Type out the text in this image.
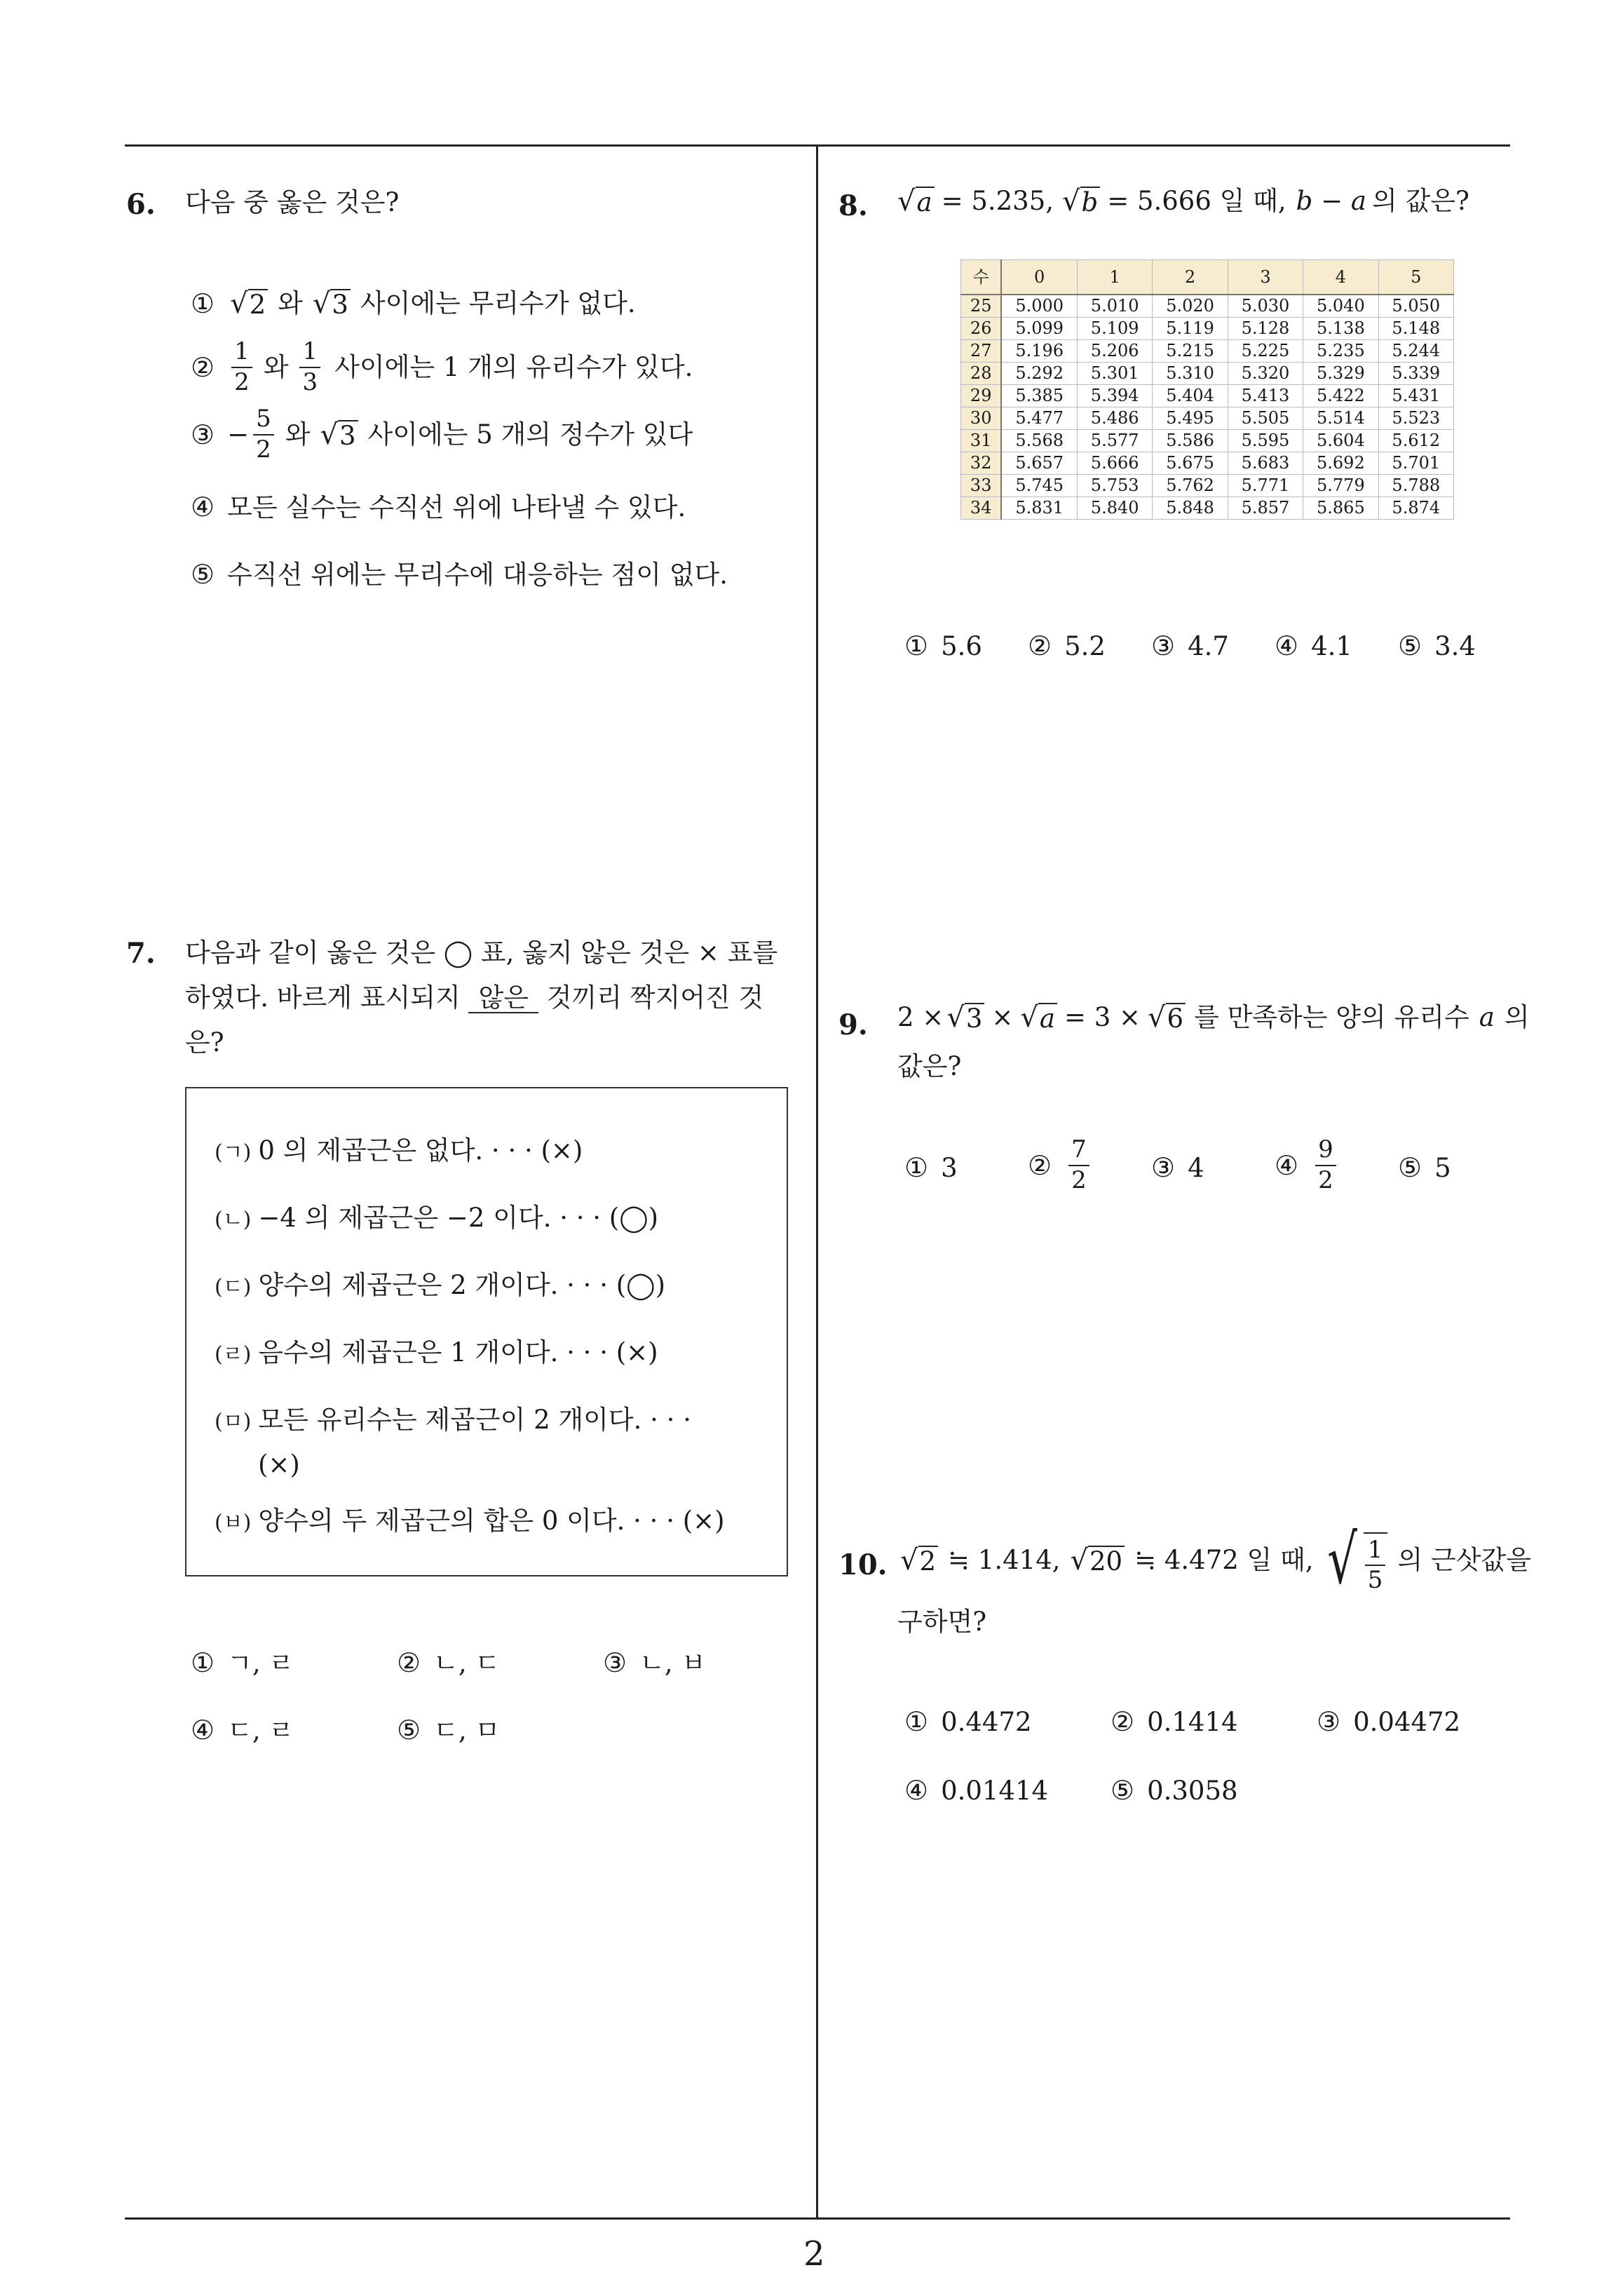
6. 다음 중 옳은 것은?
① √ 2 와 √ 3 사이에는 무리수가 없다.
② $\frac{1}{2}$ 와 $\frac{1}{3}$ 사이에는 1 개의 유리수가 있다.
③ − $\frac{5}{2}$ 와 √ 3 사이에는 5 개의 정수가 있다
④ 모든 실수는 수직선 위에 나타낼 수 있다.
⑤ 수직선 위에는 무리수에 대응하는 점이 없다.
7. 다음과 같이 옳은 것은 ◯ 표, 옳지 않은 것은 × 표를
하였다. 바르게 표시되지 않은 것끼리 짝지어진 것
은?
(ㄱ) 0 의 제곱근은 없다. · · · (×)
(ㄴ) −4 의 제곱근은 −2 이다. · · · (◯)
(ㄷ) 양수의 제곱근은 2 개이다. · · · (◯)
(ㄹ) 음수의 제곱근은 1 개이다. · · · (×)
(ㅁ) 모든 유리수는 제곱근이 2 개이다. · · ·
(×)
(ㅂ) 양수의 두 제곱근의 합은 0 이다. · · · (×)
① ㄱ, ㄹ	② ㄴ, ㄷ	③ ㄴ, ㅂ
④ ㄷ, ㄹ	⑤ ㄷ, ㅁ
8. √ a = 5.235, √ b = 5.666 일 때, b − a 의 값은?
수	0	1	2	3	4	5
25	5.000	5.010	5.020	5.030	5.040	5.050
26	5.099	5.109	5.119	5.128	5.138	5.148
27	5.196	5.206	5.215	5.225	5.235	5.244
28	5.292	5.301	5.310	5.320	5.329	5.339
29	5.385	5.394	5.404	5.413	5.422	5.431
30	5.477	5.486	5.495	5.505	5.514	5.523
31	5.568	5.577	5.586	5.595	5.604	5.612
32	5.657	5.666	5.675	5.683	5.692	5.701
33	5.745	5.753	5.762	5.771	5.779	5.788
34	5.831	5.840	5.848	5.857	5.865	5.874
① 5.6 ② 5.2 ③ 4.7 ④ 4.1 ⑤ 3.4
9. 2 × √ 3 × √ a = 3 × √ 6 를 만족하는 양의 유리수 a 의
값은?
① 3	② $\frac{7}{2}$ ③ 4	④ $\frac{9}{2}$ ⑤ 5
10. √ 2 ≒ 1.414, √ 20 ≒ 4.472 일 때, √ $\frac{1}{5}$ 의 근삿값을
구하면?
① 0.4472	② 0.1414	③ 0.04472
④ 0.01414 ⑤ 0.3058
2
